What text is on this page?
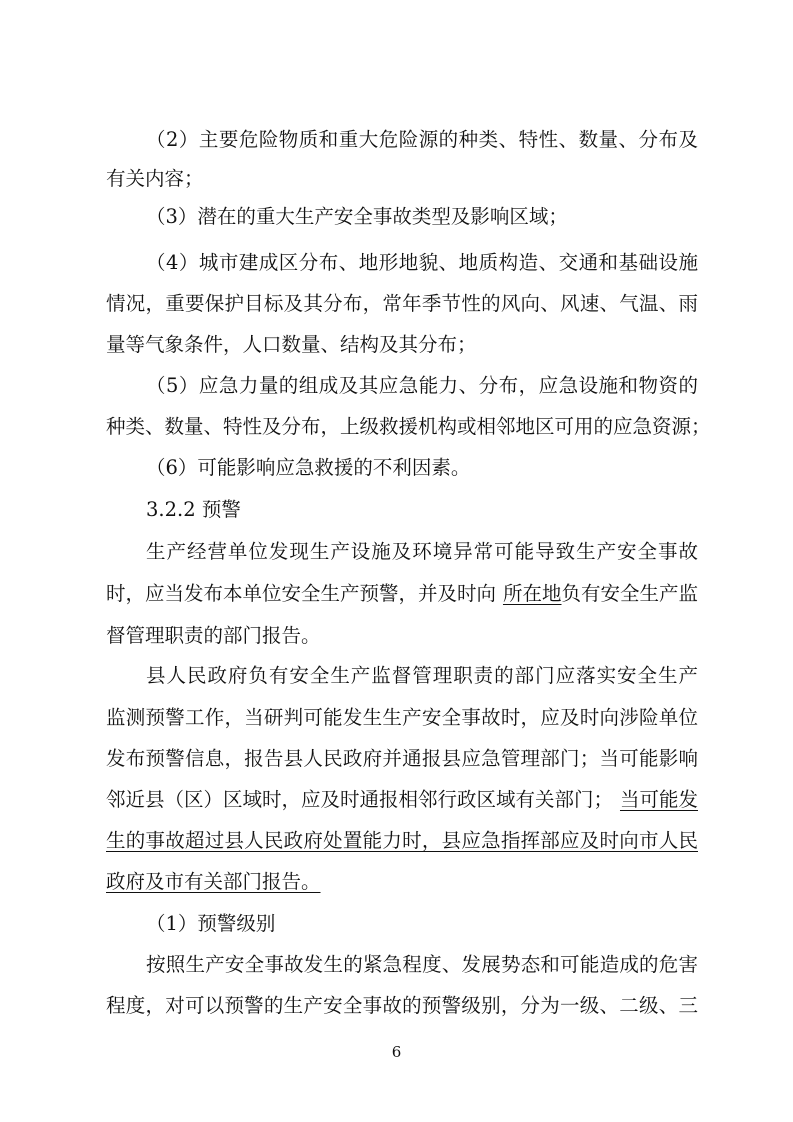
（2）主要危险物质和重大危险源的种类、特性、数量、分布及
有关内容；
（3）潜在的重大生产安全事故类型及影响区域；
（4）城市建成区分布、地形地貌、地质构造、交通和基础设施
情况，重要保护目标及其分布，常年季节性的风向、风速、气温、雨
量等气象条件，人口数量、结构及其分布；
（5）应急力量的组成及其应急能力、分布，应急设施和物资的
种类、数量、特性及分布，上级救援机构或相邻地区可用的应急资源；
（6）可能影响应急救援的不利因素。
3.2.2 预警
生产经营单位发现生产设施及环境异常可能导致生产安全事故
时，应当发布本单位安全生产预警，并及时向 所在地负有安全生产监
督管理职责的部门报告。
县人民政府负有安全生产监督管理职责的部门应落实安全生产
监测预警工作，当研判可能发生生产安全事故时，应及时向涉险单位
发布预警信息，报告县人民政府并通报县应急管理部门；当可能影响
邻近县（区）区域时，应及时通报相邻行政区域有关部门； 当可能发
生的事故超过县人民政府处置能力时，县应急指挥部应及时向市人民
政府及市有关部门报告。
（1）预警级别
按照生产安全事故发生的紧急程度、发展势态和可能造成的危害
程度，对可以预警的生产安全事故的预警级别，分为一级、二级、三
6
